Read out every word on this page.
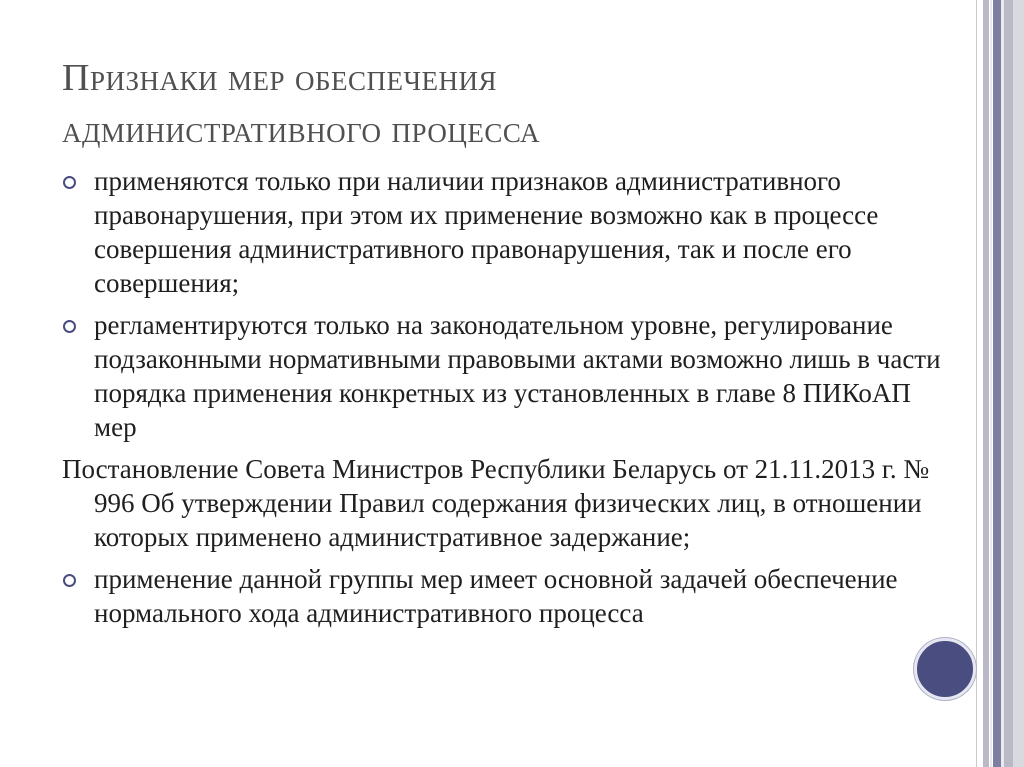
Признаки мер обеспечения
административного процесса
применяются только при наличии признаков административного правонарушения, при этом их применение возможно как в процессе совершения административного правонарушения, так и после его совершения;
регламентируются только на законодательном уровне, регулирование подзаконными нормативными правовыми актами возможно лишь в части порядка применения конкретных из установленных в главе 8 ПИКоАП мер
Постановление Совета Министров Республики Беларусь от 21.11.2013 г. № 996 Об утверждении Правил содержания физических лиц, в отношении которых применено административное задержание;
применение данной группы мер имеет основной задачей обеспечение нормального хода административного процесса
